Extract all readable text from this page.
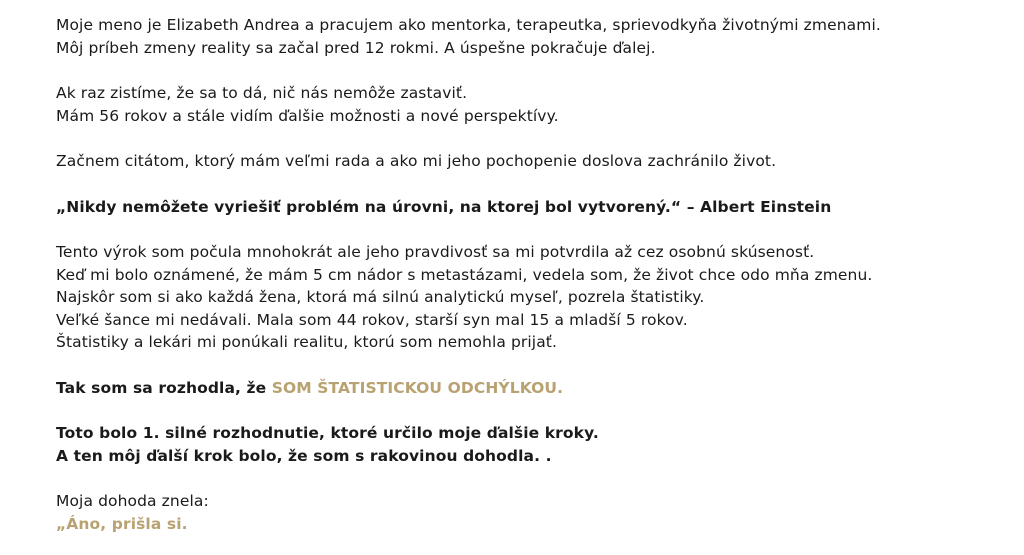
Moje meno je Elizabeth Andrea a pracujem ako mentorka, terapeutka, sprievodkyňa životnými zmenami.
Môj príbeh zmeny reality sa začal pred 12 rokmi. A úspešne pokračuje ďalej.
Ak raz zistíme, že sa to dá, nič nás nemôže zastaviť.
Mám 56 rokov a stále vidím ďalšie možnosti a nové perspektívy.
Začnem citátom, ktorý mám veľmi rada a ako mi jeho pochopenie doslova zachránilo život.
„Nikdy nemôžete vyriešiť problém na úrovni, na ktorej bol vytvorený.“ – Albert Einstein
Tento výrok som počula mnohokrát ale jeho pravdivosť sa mi potvrdila až cez osobnú skúsenosť.
Keď mi bolo oznámené, že mám 5 cm nádor s metastázami, vedela som, že život chce odo mňa zmenu.
Najskôr som si ako každá žena, ktorá má silnú analytickú myseľ, pozrela štatistiky.
Veľké šance mi nedávali. Mala som 44 rokov, starší syn mal 15 a mladší 5 rokov.
Štatistiky a lekári mi ponúkali realitu, ktorú som nemohla prijať.
Tak som sa rozhodla, že SOM ŠTATISTICKOU ODCHÝLKOU.
Toto bolo 1. silné rozhodnutie, ktoré určilo moje ďalšie kroky.
A ten môj ďalší krok bolo, že som s rakovinou dohodla. .
Moja dohoda znela:
„Áno, prišla si.
